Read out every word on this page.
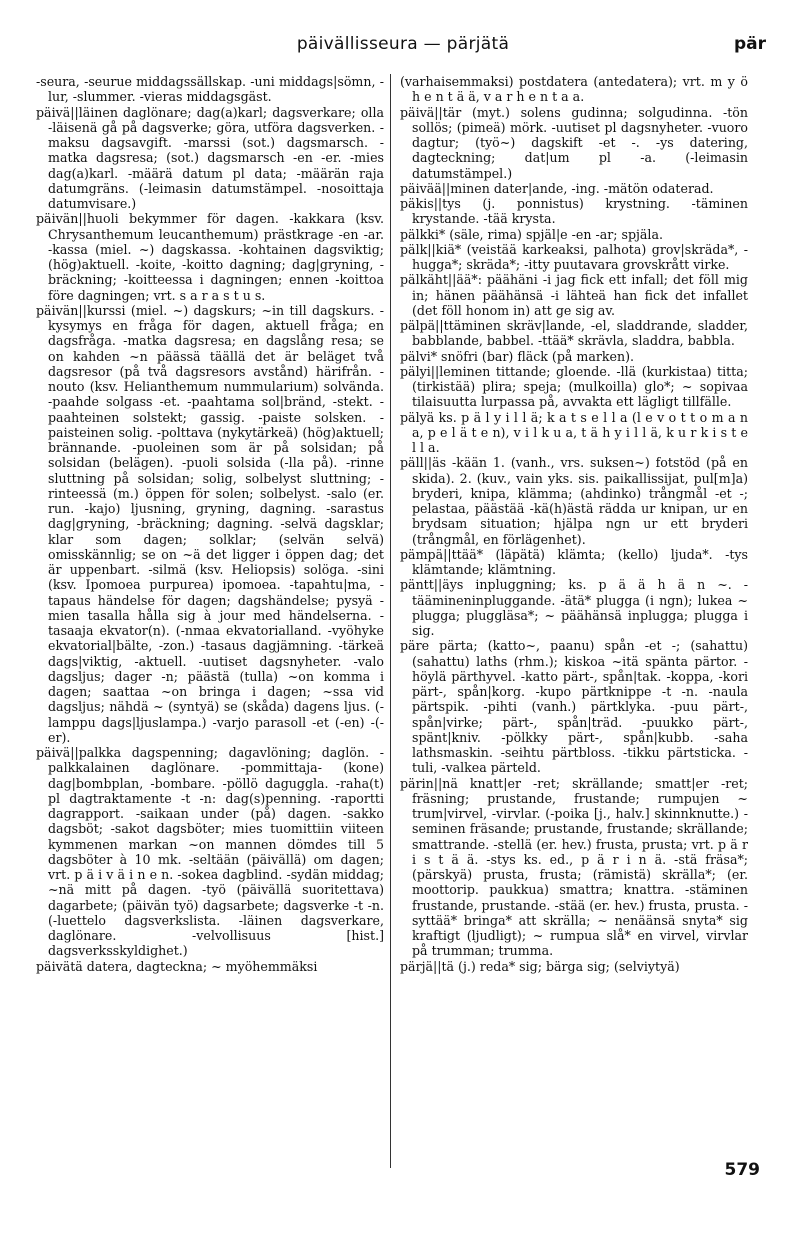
päivällisseura — pärjätä	pär

-seura, -seurue middagssällskap. -uni middags|sömn, -lur, -slummer. -vieras middagsgäst.

päivä||läinen daglönare; dag(a)karl; dagsverkare; olla -läisenä gå på dagsverke; göra, utföra dagsverken. -maksu dagsavgift. -marssi (sot.) dagsmarsch. -matka dagsresa; (sot.) dagsmarsch -en -er. -mies dag(a)karl. -määrä datum pl data; -määrän raja datumgräns. (-leimasin datumstämpel. -nosoittaja datumvisare.)

päivän||huoli bekymmer för dagen. -kakkara (ksv. Chrysanthemum leucanthemum) prästkrage -en -ar. -kassa (miel. ~) dagskassa. -kohtainen dagsviktig; (hög)aktuell. -koite, -koitto dagning; dag|gryning, -bräckning; -koitteessa i dagningen; ennen -koittoa före dagningen; vrt. s a r a s t u s.

päivän||kurssi (miel. ~) dagskurs; ~in till dagskurs. -kysymys en fråga för dagen, aktuell fråga; en dagsfråga. -matka dagsresa; en dagslång resa; se on kahden ~n päässä täällä det är beläget två dagsresor (på två dagsresors avstånd) härifrån. -nouto (ksv. Helianthemum nummularium) solvända. -paahde solgass -et. -paahtama sol|bränd, -stekt. -paahteinen solstekt; gassig. -paiste solsken. -paisteinen solig. -polttava (nykytärkeä) (hög)aktuell; brännande. -puoleinen som är på solsidan; på solsidan (belägen). -puoli solsida (-lla på). -rinne sluttning på solsidan; solig, solbelyst sluttning; -rinteessä (m.) öppen för solen; solbelyst. -salo (er. run. -kajo) ljusning, gryning, dagning. -sarastus dag|gryning, -bräckning; dagning. -selvä dagsklar; klar som dagen; solklar; (selvän selvä) omisskännlig; se on ~ä det ligger i öppen dag; det är uppenbart. -silmä (ksv. Heliopsis) solöga. -sini (ksv. Ipomoea purpurea) ipomoea. -tapahtu|ma, -tapaus händelse för dagen; dagshändelse; pysyä -mien tasalla hålla sig à jour med händelserna. -tasaaja ekvator(n). (-nmaa ekvatorialland. -vyöhyke ekvatorial|bälte, -zon.) -tasaus dagjämning. -tärkeä dags|viktig, -aktuell. -uutiset dagsnyheter. -valo dagsljus; dager -n; päästä (tulla) ~on komma i dagen; saattaa ~on bringa i dagen; ~ssa vid dagsljus; nähdä ~ (syntyä) se (skåda) dagens ljus. (-lamppu dags|ljuslampa.) -varjo parasoll -et (-en) -(-er).

päivä||palkka dagspenning; dagavlöning; daglön. -palkkalainen daglönare. -pommittaja- (kone) dag|bombplan, -bombare. -pöllö daguggla. -raha(t) pl dagtraktamente -t -n: dag(s)penning. -raportti dagrapport. -saikaan under (på) dagen. -sakko dagsböt; -sakot dagsböter; mies tuomittiin viiteen kymmenen markan ~on mannen dömdes till 5 dagsböter à 10 mk. -seltään (päivällä) om dagen; vrt. p ä i v ä i n e n. -sokea dagblind. -sydän middag; ~nä mitt på dagen. -työ (päivällä suoritettava) dagarbete; (päivän työ) dagsarbete; dagsverke -t -n. (-luettelo dagsverkslista. -läinen dagsverkare, daglönare. -velvollisuus [hist.] dagsverksskyldighet.)

päivätä datera, dagteckna; ~ myöhemmäksi

(varhaisemmaksi) postdatera (antedatera); vrt. m y ö h e n t ä ä, v a r h e n t a a.

päivä||tär (myt.) solens gudinna; solgudinna. -tön sollös; (pimeä) mörk. -uutiset pl dagsnyheter. -vuoro dagtur; (työ~) dagskift -et -. -ys datering, dagteckning; dat|um pl -a. (-leimasin datumstämpel.)

päivää||minen dater|ande, -ing. -mätön odaterad.

päkis||tys (j. ponnistus) krystning. -täminen krystande. -tää krysta.

pälkki* (säle, rima) spjäl|e -en -ar; spjäla.

pälk||kiä* (veistää karkeaksi, palhota) grov|skräda*, -hugga*; skräda*; -itty puutavara grovskrått virke.

pälkäht||ää*: päähäni -i jag fick ett infall; det föll mig in; hänen päähänsä -i lähteä han fick det infallet (det föll honom in) att ge sig av.

pälpä||ttäminen skräv|lande, -el, sladdrande, sladder, babblande, babbel. -ttää* skrävla, sladdra, babbla.

pälvi* snöfri (bar) fläck (på marken).

pälyi||leminen tittande; gloende. -llä (kurkistaa) titta; (tirkistää) plira; speja; (mulkoilla) glo*; ~ sopivaa tilaisuutta lurpassa på, avvakta ett lägligt tillfälle.

pälyä ks. p ä l y i l l ä; k a t s e l l a (l e v o t t o m a n a, p e l ä t e n), v i l k u a, t ä h y i l l ä, k u r k i s t e l l a.

päll||äs -kään 1. (vanh., vrs. suksen~) fotstöd (på en skida). 2. (kuv., vain yks. sis. paikallissijat, pul[m]a) bryderi, knipa, klämma; (ahdinko) trångmål -et -; pelastaa, päästää -kä(h)ästä rädda ur knipan, ur en brydsam situation; hjälpa ngn ur ett bryderi (trångmål, en förlägenhet).

pämpä||ttää* (läpätä) klämta; (kello) ljuda*. -tys klämtande; klämtning.

päntt||äys inpluggning; ks. p ä ä h ä n ~. -täämineninpluggande. -ätä* plugga (i ngn); lukea ~ plugga; pluggläsa*; ~ päähänsä inplugga; plugga i sig.

päre pärta; (katto~, paanu) spån -et -; (sahattu) (sahattu) laths (rhm.); kiskoa ~itä spänta pärtor. -höylä pärthyvel. -katto pärt-, spån|tak. -koppa, -kori pärt-, spån|korg. -kupo pärtknippe -t -n. -naula pärtspik. -pihti (vanh.) pärtklyka. -puu pärt-, spån|virke; pärt-, spån|träd. -puukko pärt-, spänt|kniv. -pölkky pärt-, spån|kubb. -saha lathsmaskin. -seihtu pärtbloss. -tikku pärtsticka. -tuli, -valkea pärteld.

pärin||nä knatt|er -ret; skrällande; smatt|er -ret; fräsning; prustande, frustande; rumpujen ~ trum|virvel, -virvlar. (-poika [j., halv.] skinnknutte.) -seminen fräsande; prustande, frustande; skrällande; smattrande. -stellä (er. hev.) frusta, prusta; vrt. p ä r i s t ä ä. -stys ks. ed., p ä r i n ä. -stä fräsa*; (pärskyä) prusta, frusta; (rämistä) skrälla*; (er. moottorip. paukkua) smattra; knattra. -stäminen frustande, prustande. -stää (er. hev.) frusta, prusta. -syttää* bringa* att skrälla; ~ nenäänsä snyta* sig kraftigt (ljudligt); ~ rumpua slå* en virvel, virvlar på trumman; trumma.

pärjä||tä (j.) reda* sig; bärga sig; (selviytyä)

579
